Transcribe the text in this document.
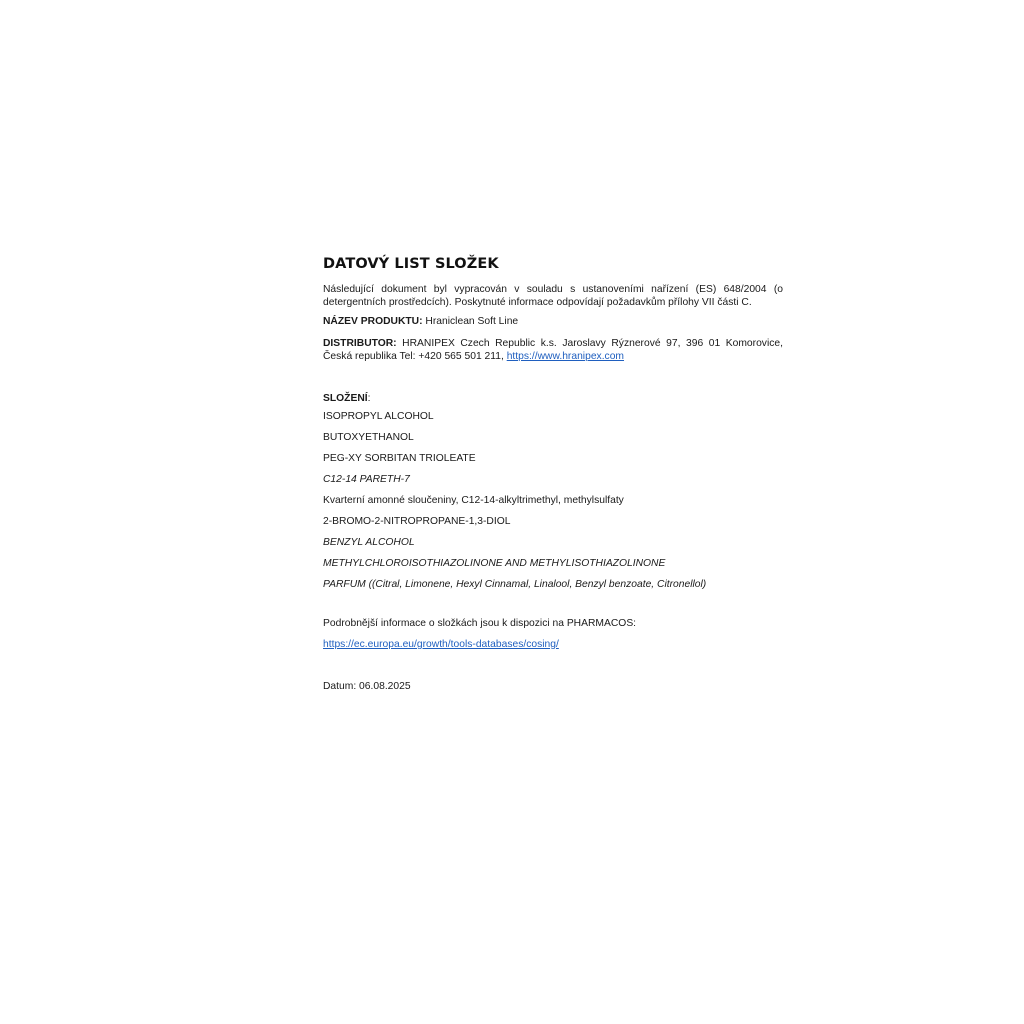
DATOVÝ LIST SLOŽEK

Následující dokument byl vypracován v souladu s ustanoveními nařízení (ES) 648/2004 (o detergentních prostředcích). Poskytnuté informace odpovídají požadavkům přílohy VII části C.

NÁZEV PRODUKTU: Hraniclean Soft Line

DISTRIBUTOR: HRANIPEX Czech Republic k.s. Jaroslavy Rýznerové 97, 396 01 Komorovice, Česká republika Tel: +420 565 501 211, https://www.hranipex.com

SLOŽENÍ:
ISOPROPYL ALCOHOL
BUTOXYETHANOL
PEG-XY SORBITAN TRIOLEATE
C12-14 PARETH-7
Kvarterní amonné sloučeniny, C12-14-alkyltrimethyl, methylsulfaty
2-BROMO-2-NITROPROPANE-1,3-DIOL
BENZYL ALCOHOL
METHYLCHLOROISOTHIAZOLINONE AND METHYLISOTHIAZOLINONE
PARFUM ((Citral, Limonene, Hexyl Cinnamal, Linalool, Benzyl benzoate, Citronellol)
Podrobnější informace o složkách jsou k dispozici na PHARMACOS:
https://ec.europa.eu/growth/tools-databases/cosing/
Datum: 06.08.2025
